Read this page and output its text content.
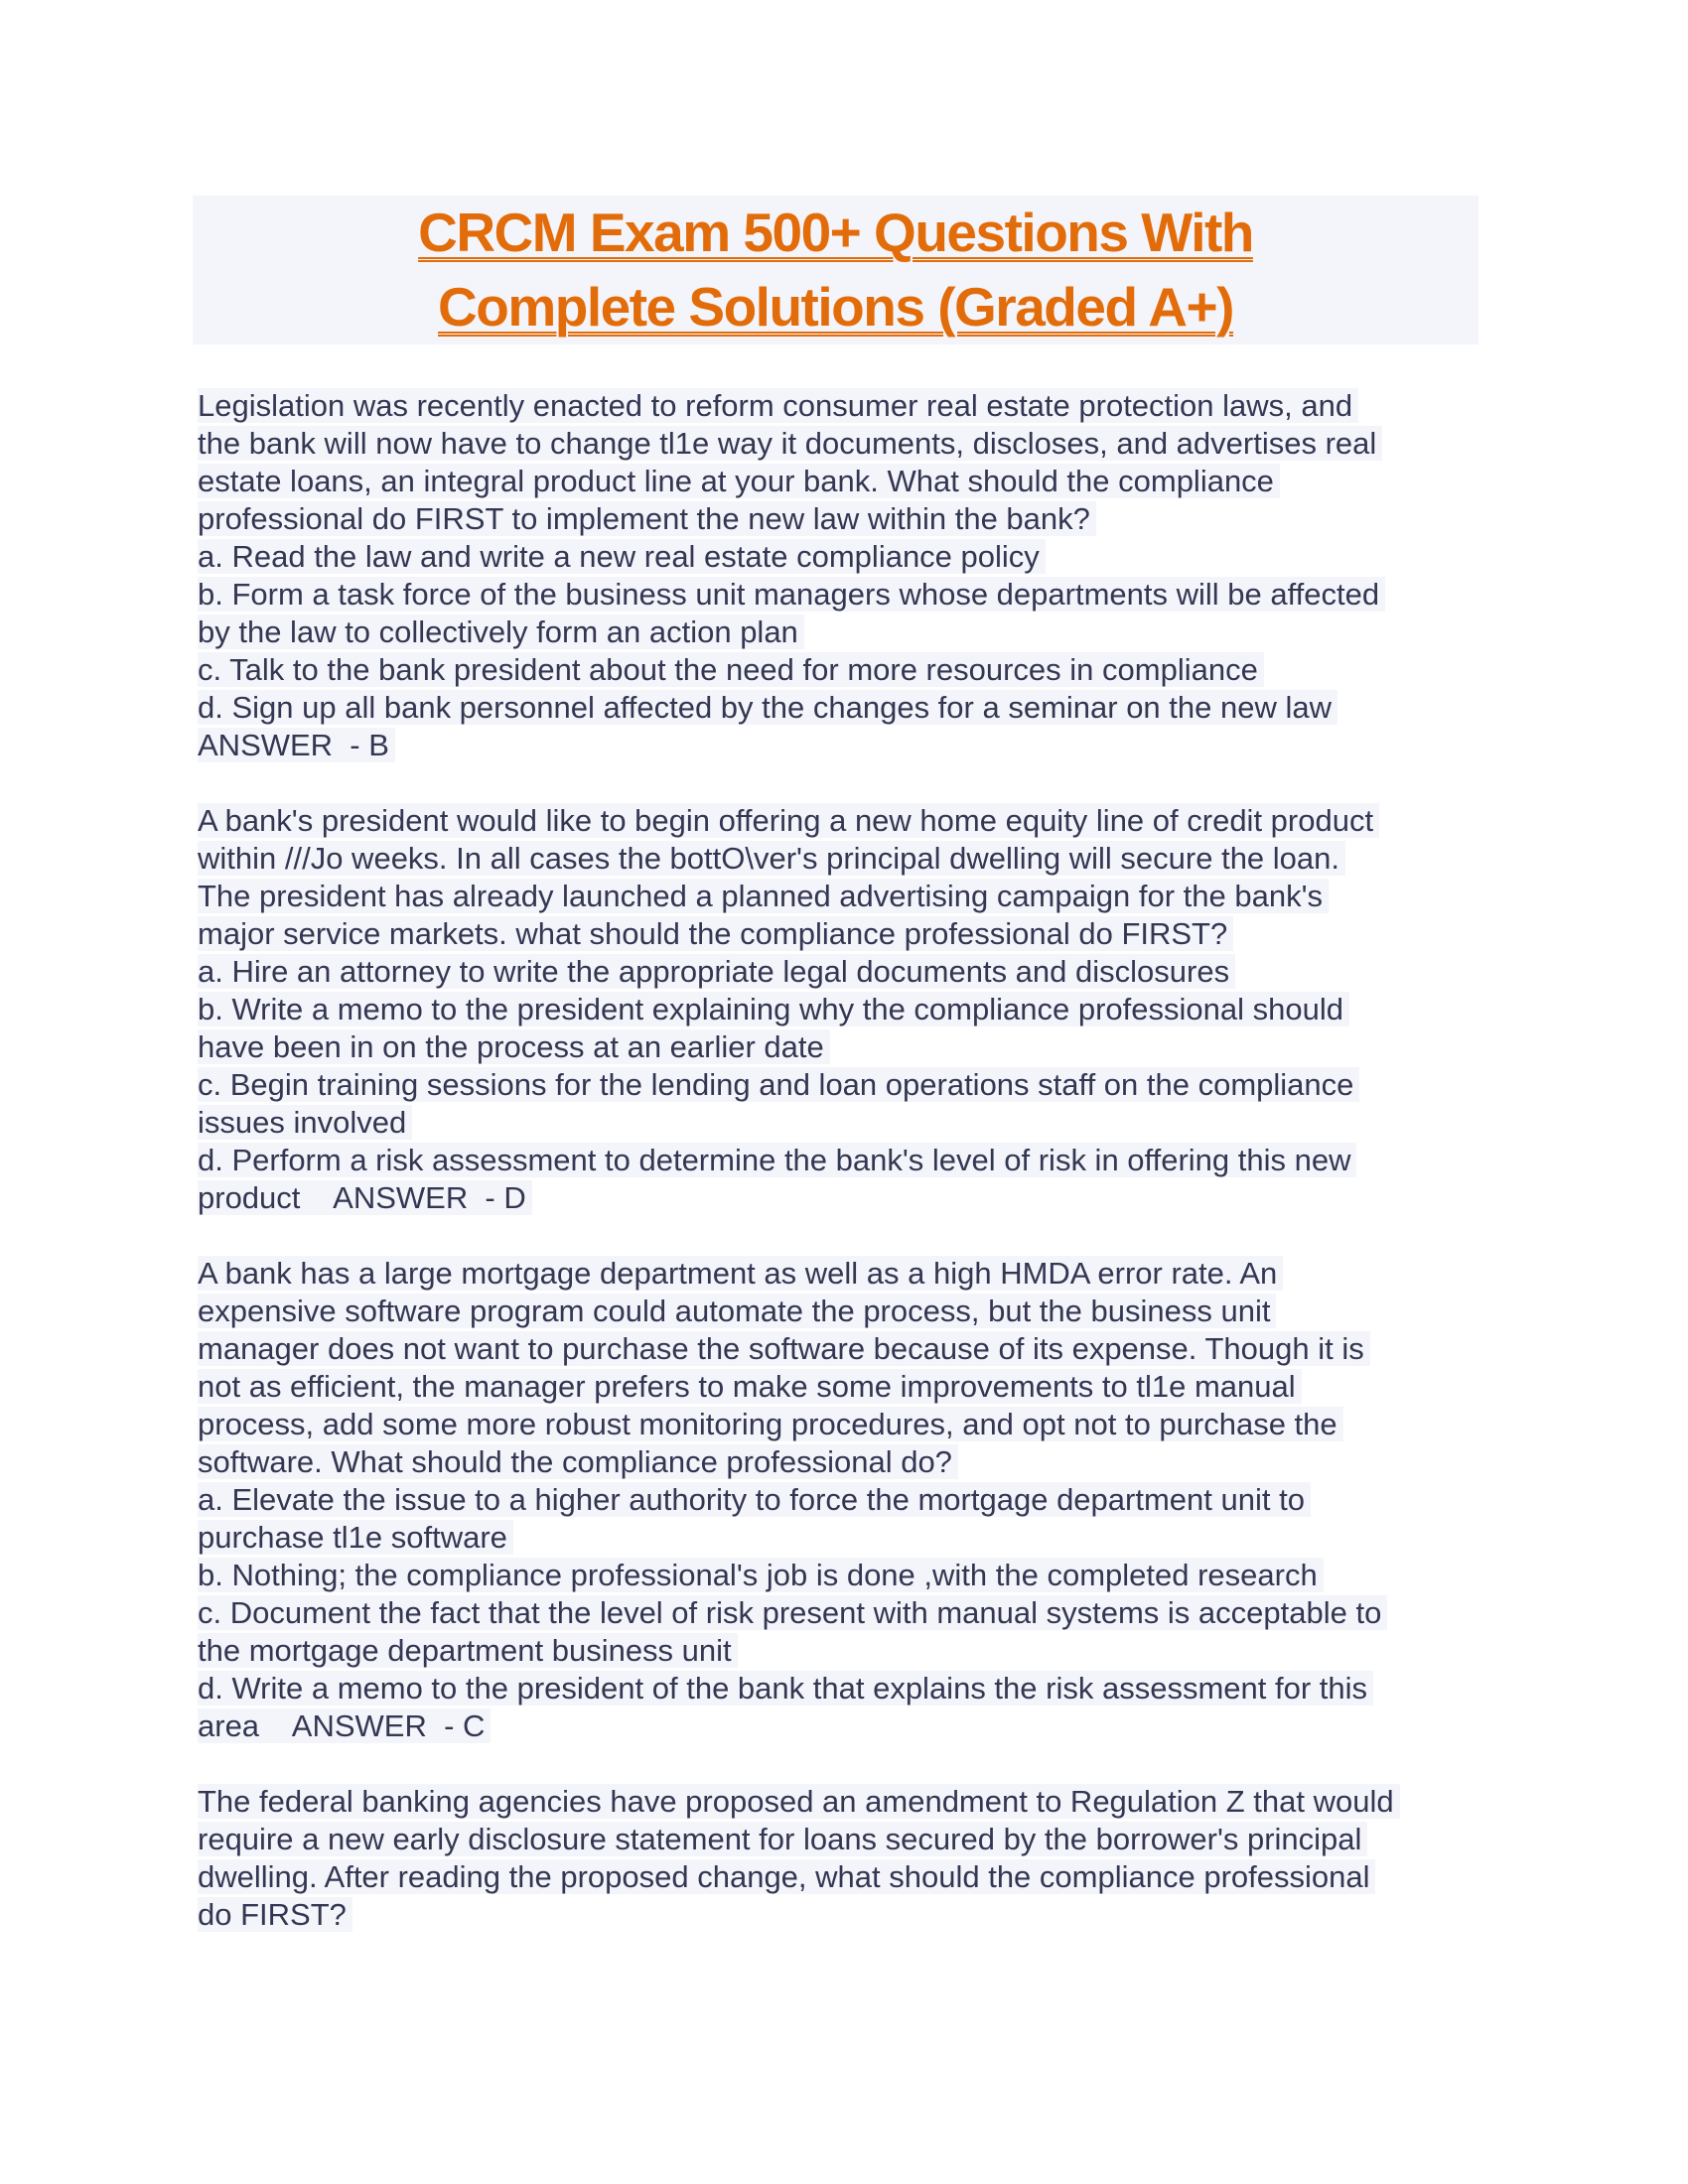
CRCM Exam 500+ Questions With
Complete Solutions (Graded A+)
Legislation was recently enacted to reform consumer real estate protection laws, and
the bank will now have to change tl1e way it documents, discloses, and advertises real
estate loans, an integral product line at your bank. What should the compliance
professional do FIRST to implement the new law within the bank?
a. Read the law and write a new real estate compliance policy
b. Form a task force of the business unit managers whose departments will be affected
by the law to collectively form an action plan
c. Talk to the bank president about the need for more resources in compliance
d. Sign up all bank personnel affected by the changes for a seminar on the new law
ANSWER  - B
A bank's president would like to begin offering a new home equity line of credit product
within ///Jo weeks. In all cases the bottO\ver's principal dwelling will secure the loan.
The president has already launched a planned advertising campaign for the bank's
major service markets. what should the compliance professional do FIRST?
a. Hire an attorney to write the appropriate legal documents and disclosures
b. Write a memo to the president explaining why the compliance professional should
have been in on the process at an earlier date
c. Begin training sessions for the lending and loan operations staff on the compliance
issues involved
d. Perform a risk assessment to determine the bank's level of risk in offering this new
product    ANSWER  - D
A bank has a large mortgage department as well as a high HMDA error rate. An
expensive software program could automate the process, but the business unit
manager does not want to purchase the software because of its expense. Though it is
not as efficient, the manager prefers to make some improvements to tl1e manual
process, add some more robust monitoring procedures, and opt not to purchase the
software. What should the compliance professional do?
a. Elevate the issue to a higher authority to force the mortgage department unit to
purchase tl1e software
b. Nothing; the compliance professional's job is done ,with the completed research
c. Document the fact that the level of risk present with manual systems is acceptable to
the mortgage department business unit
d. Write a memo to the president of the bank that explains the risk assessment for this
area    ANSWER  - C
The federal banking agencies have proposed an amendment to Regulation Z that would
require a new early disclosure statement for loans secured by the borrower's principal
dwelling. After reading the proposed change, what should the compliance professional
do FIRST?
